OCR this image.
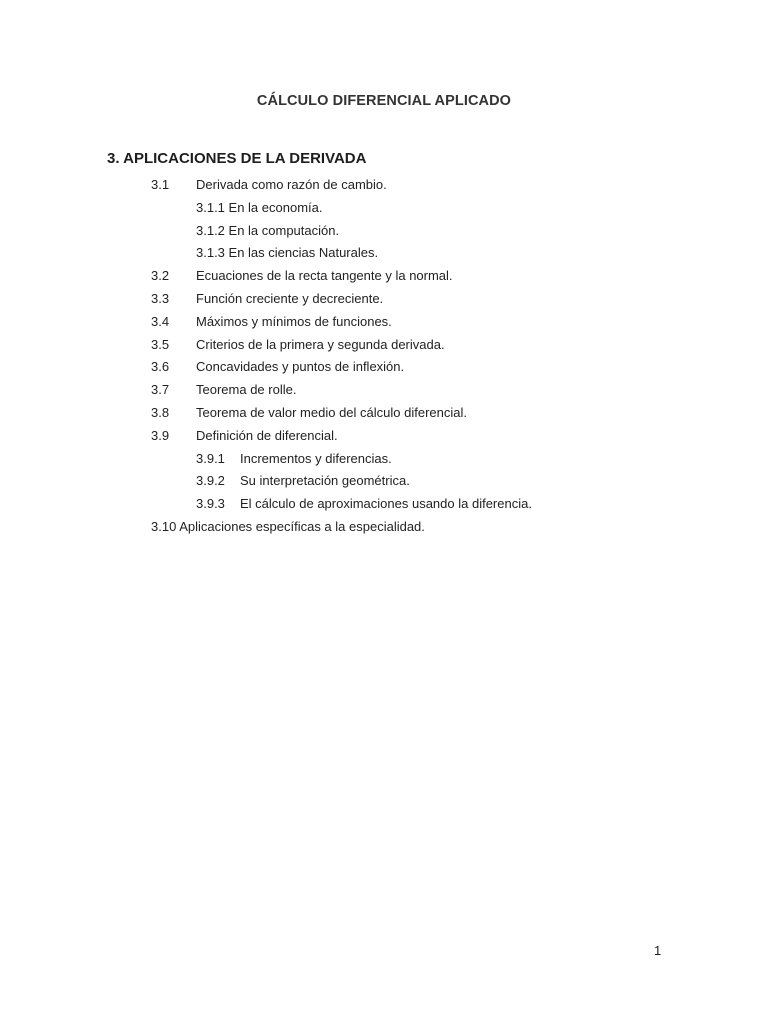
CÁLCULO DIFERENCIAL APLICADO
3. APLICACIONES DE LA DERIVADA
3.1 Derivada como razón de cambio.
3.1.1 En la economía.
3.1.2 En la computación.
3.1.3 En las ciencias Naturales.
3.2 Ecuaciones de la recta tangente y la normal.
3.3 Función creciente y decreciente.
3.4 Máximos y mínimos de funciones.
3.5 Criterios de la primera y segunda derivada.
3.6 Concavidades y puntos de inflexión.
3.7 Teorema de rolle.
3.8 Teorema de valor medio del cálculo diferencial.
3.9 Definición de diferencial.
3.9.1 Incrementos y diferencias.
3.9.2 Su interpretación geométrica.
3.9.3 El cálculo de aproximaciones usando la diferencia.
3.10 Aplicaciones específicas a la especialidad.
1
